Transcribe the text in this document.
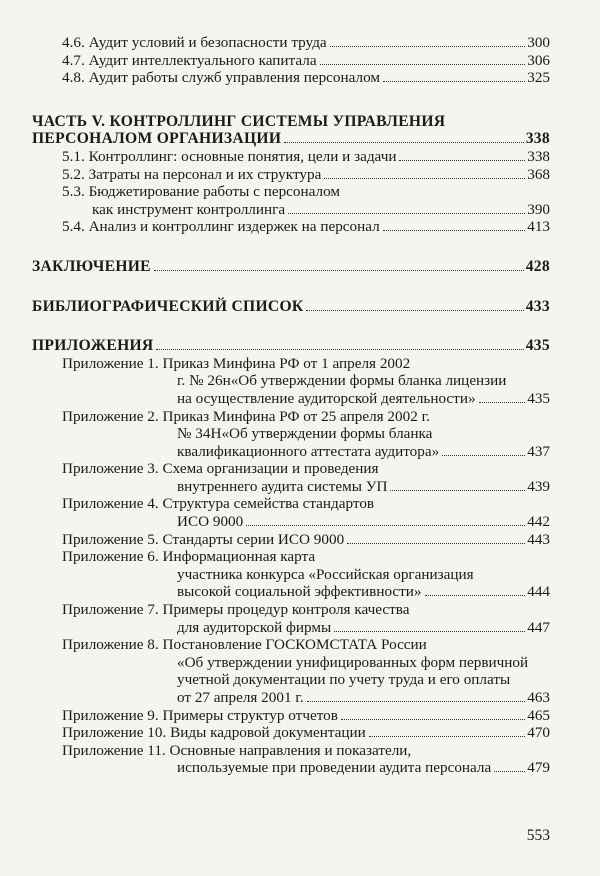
4.6. Аудит условий и безопасности труда	300
4.7. Аудит интеллектуального капитала	306
4.8. Аудит работы служб управления персоналом	325
ЧАСТЬ V. КОНТРОЛЛИНГ СИСТЕМЫ УПРАВЛЕНИЯ
ПЕРСОНАЛОМ ОРГАНИЗАЦИИ	338
5.1. Контроллинг: основные понятия, цели и задачи	338
5.2. Затраты на персонал и их структура	368
5.3. Бюджетирование работы с персоналом
как инструмент контроллинга	390
5.4. Анализ и контроллинг издержек на персонал	413
ЗАКЛЮЧЕНИЕ	428
БИБЛИОГРАФИЧЕСКИЙ СПИСОК	433
ПРИЛОЖЕНИЯ	435
Приложение 1. Приказ Минфина РФ от 1 апреля 2002
г. № 26н«Об утверждении формы бланка лицензии
на осуществление аудиторской деятельности»	435
Приложение 2. Приказ Минфина РФ от 25 апреля 2002 г.
№ 34Н«Об утверждении формы бланка
квалификационного аттестата аудитора»	437
Приложение 3. Схема организации и проведения
внутреннего аудита системы УП	439
Приложение 4. Структура семейства стандартов
ИСО 9000	442
Приложение 5. Стандарты серии ИСО 9000	443
Приложение 6. Информационная карта
участника конкурса «Российская организация
высокой социальной эффективности»	444
Приложение 7. Примеры процедур контроля качества
для аудиторской фирмы	447
Приложение 8. Постановление ГОСКОМСТАТА России
«Об утверждении унифицированных форм первичной
учетной документации по учету труда и его оплаты
от 27 апреля 2001 г.	463
Приложение 9. Примеры структур отчетов	465
Приложение 10. Виды кадровой документации	470
Приложение 11. Основные направления и показатели,
используемые при проведении аудита персонала 479
553
